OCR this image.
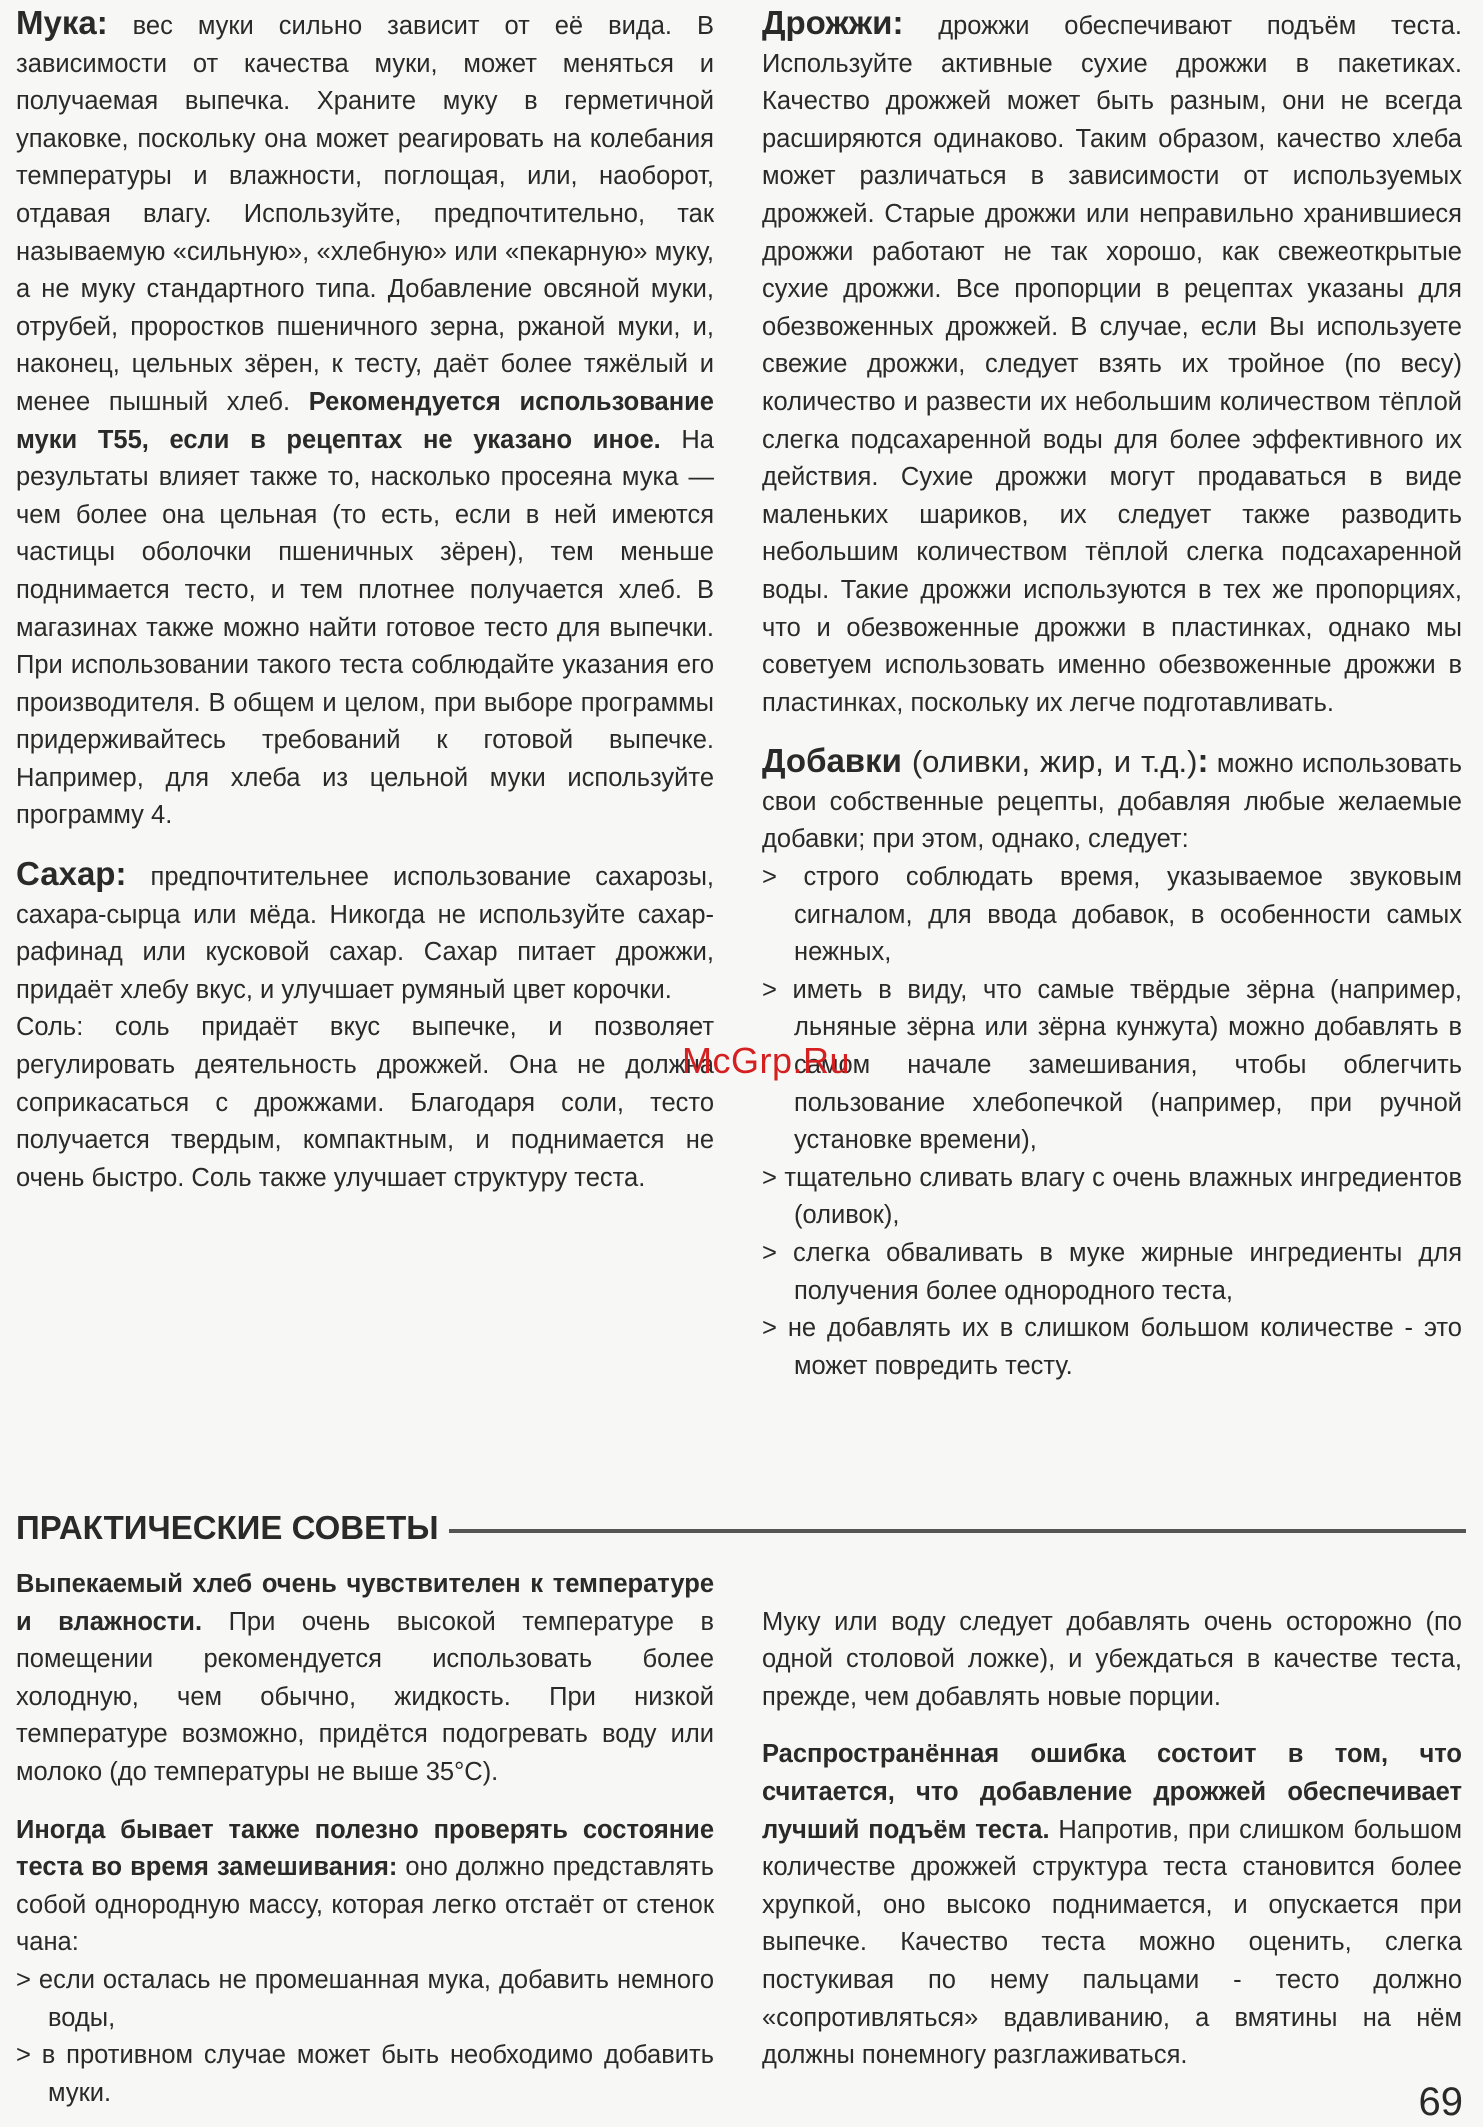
Мука: вес муки сильно зависит от её вида. В зависимости от качества муки, может меняться и получаемая выпечка. Храните муку в герметичной упаковке, поскольку она может реагировать на колебания температуры и влажности, поглощая, или, наоборот, отдавая влагу. Используйте, предпочтительно, так называемую «сильную», «хлебную» или «пекарную» муку, а не муку стандартного типа. Добавление овсяной муки, отрубей, проростков пшеничного зерна, ржаной муки, и, наконец, цельных зёрен, к тесту, даёт более тяжёлый и менее пышный хлеб. Рекомендуется использование муки Т55, если в рецептах не указано иное. На результаты влияет также то, насколько просеяна мука — чем более она цельная (то есть, если в ней имеются частицы оболочки пшеничных зёрен), тем меньше поднимается тесто, и тем плотнее получается хлеб. В магазинах также можно найти готовое тесто для выпечки. При использовании такого теста соблюдайте указания его производителя. В общем и целом, при выборе программы придерживайтесь требований к готовой выпечке. Например, для хлеба из цельной муки используйте программу 4.

Сахар: предпочтительнее использование сахарозы, сахара-сырца или мёда. Никогда не используйте сахар-рафинад или кусковой сахар. Сахар питает дрожжи, придаёт хлебу вкус, и улучшает румяный цвет корочки.

Соль: соль придаёт вкус выпечке, и позволяет регулировать деятельность дрожжей. Она не должна соприкасаться с дрожжами. Благодаря соли, тесто получается твердым, компактным, и поднимается не очень быстро. Соль также улучшает структуру теста.

Дрожжи: дрожжи обеспечивают подъём теста. Используйте активные сухие дрожжи в пакетиках. Качество дрожжей может быть разным, они не всегда расширяются одинаково. Таким образом, качество хлеба может различаться в зависимости от используемых дрожжей. Старые дрожжи или неправильно хранившиеся дрожжи работают не так хорошо, как свежеоткрытые сухие дрожжи. Все пропорции в рецептах указаны для обезвоженных дрожжей. В случае, если Вы используете свежие дрожжи, следует взять их тройное (по весу) количество и развести их небольшим количеством тёплой слегка подсахаренной воды для более эффективного их действия. Сухие дрожжи могут продаваться в виде маленьких шариков, их следует также разводить небольшим количеством тёплой слегка подсахаренной воды. Такие дрожжи используются в тех же пропорциях, что и обезвоженные дрожжи в пластинках, однако мы советуем использовать именно обезвоженные дрожжи в пластинках, поскольку их легче подготавливать.

Добавки (оливки, жир, и т.д.): можно использовать свои собственные рецепты, добавляя любые желаемые добавки; при этом, однако, следует:

> строго соблюдать время, указываемое звуковым сигналом, для ввода добавок, в особенности самых нежных,

> иметь в виду, что самые твёрдые зёрна (например, льняные зёрна или зёрна кунжута) можно добавлять в самом начале замешивания, чтобы облегчить пользование хлебопечкой (например, при ручной установке времени),

> тщательно сливать влагу с очень влажных ингредиентов (оливок),

> слегка обваливать в муке жирные ингредиенты для получения более однородного теста,

> не добавлять их в слишком большом количестве - это может повредить тесту.

ПРАКТИЧЕСКИЕ СОВЕТЫ

Выпекаемый хлеб очень чувствителен к температуре и влажности. При очень высокой температуре в помещении рекомендуется использовать более холодную, чем обычно, жидкость. При низкой температуре возможно, придётся подогревать воду или молоко (до температуры не выше 35°С).

Иногда бывает также полезно проверять состояние теста во время замешивания: оно должно представлять собой однородную массу, которая легко отстаёт от стенок чана:

> если осталась не промешанная мука, добавить немного воды,

> в противном случае может быть необходимо добавить муки.

Муку или воду следует добавлять очень осторожно (по одной столовой ложке), и убеждаться в качестве теста, прежде, чем добавлять новые порции.

Распространённая ошибка состоит в том, что считается, что добавление дрожжей обеспечивает лучший подъём теста. Напротив, при слишком большом количестве дрожжей структура теста становится более хрупкой, оно высоко поднимается, и опускается при выпечке. Качество теста можно оценить, слегка постукивая по нему пальцами - тесто должно «сопротивляться» вдавливанию, а вмятины на нём должны понемногу разглаживаться.

McGrp.Ru
69
